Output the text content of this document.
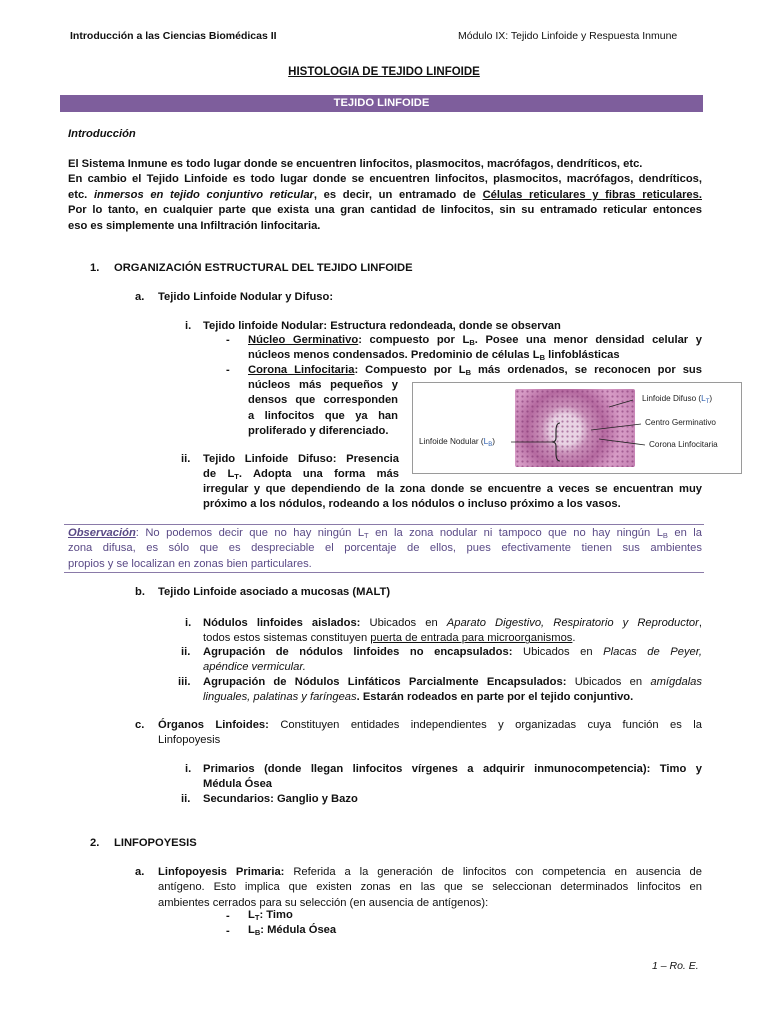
Introducción a las Ciencias Biomédicas II	Módulo IX: Tejido Linfoide y Respuesta Inmune
HISTOLOGIA DE TEJIDO LINFOIDE
TEJIDO LINFOIDE
Introducción
El Sistema Inmune es todo lugar donde se encuentren linfocitos, plasmocitos, macrófagos, dendríticos, etc.
En cambio el Tejido Linfoide es todo lugar donde se encuentren linfocitos, plasmocitos, macrófagos, dendríticos,
etc. inmersos en tejido conjuntivo reticular, es decir, un entramado de Células reticulares y fibras reticulares.
Por lo tanto, en cualquier parte que exista una gran cantidad de linfocitos, sin su entramado reticular entonces
eso es simplemente una Infiltración linfocitaria.
1. ORGANIZACIÓN ESTRUCTURAL DEL TEJIDO LINFOIDE
a. Tejido Linfoide Nodular y Difuso:
i. Tejido linfoide Nodular: Estructura redondeada, donde se observan
- Núcleo Germinativo: compuesto por $L_B$. Posee una menor densidad celular y
núcleos menos condensados. Predominio de células $L_B$ linfoblásticas
- Corona Linfocitaria: Compuesto por $L_B$ más ordenados, se reconocen por sus
núcleos más pequeños y
densos que corresponden
a linfocitos que ya han
proliferado y diferenciado.
Linfoide Difuso $(L_T)$
Centro Germinativo
Corona Linfocitaria
Linfoide Nodular $(L_B)$
ii. Tejido Linfoide Difuso: Presencia
de $L_T$. Adopta una forma más
irregular y que dependiendo de la zona donde se encuentre a veces se encuentran muy
próximo a los nódulos, rodeando a los nódulos o incluso próximo a los vasos.
Observación: No podemos decir que no hay ningún $L_T$ en la zona nodular ni tampoco que no hay ningún $L_B$ en la
zona difusa, es sólo que es despreciable el porcentaje de ellos, pues efectivamente tienen sus ambientes
propios y se localizan en zonas bien particulares.
b. Tejido Linfoide asociado a mucosas (MALT)
i. Nódulos linfoides aislados: Ubicados en Aparato Digestivo, Respiratorio y Reproductor,
todos estos sistemas constituyen puerta de entrada para microorganismos.
ii. Agrupación de nódulos linfoides no encapsulados: Ubicados en Placas de Peyer,
apéndice vermicular.
iii. Agrupación de Nódulos Linfáticos Parcialmente Encapsulados: Ubicados en amígdalas
linguales, palatinas y faríngeas. Estarán rodeados en parte por el tejido conjuntivo.
c. Órganos Linfoides: Constituyen entidades independientes y organizadas cuya función es la
Linfopoyesis
i. Primarios (donde llegan linfocitos vírgenes a adquirir inmunocompetencia): Timo y
Médula Ósea
ii. Secundarios: Ganglio y Bazo
2. LINFOPOYESIS
a. Linfopoyesis Primaria: Referida a la generación de linfocitos con competencia en ausencia de
antígeno. Esto implica que existen zonas en las que se seleccionan determinados linfocitos en
ambientes cerrados para su selección (en ausencia de antígenos):
- $L_T$: Timo
- $L_B$: Médula Ósea
1 – Ro. E.
